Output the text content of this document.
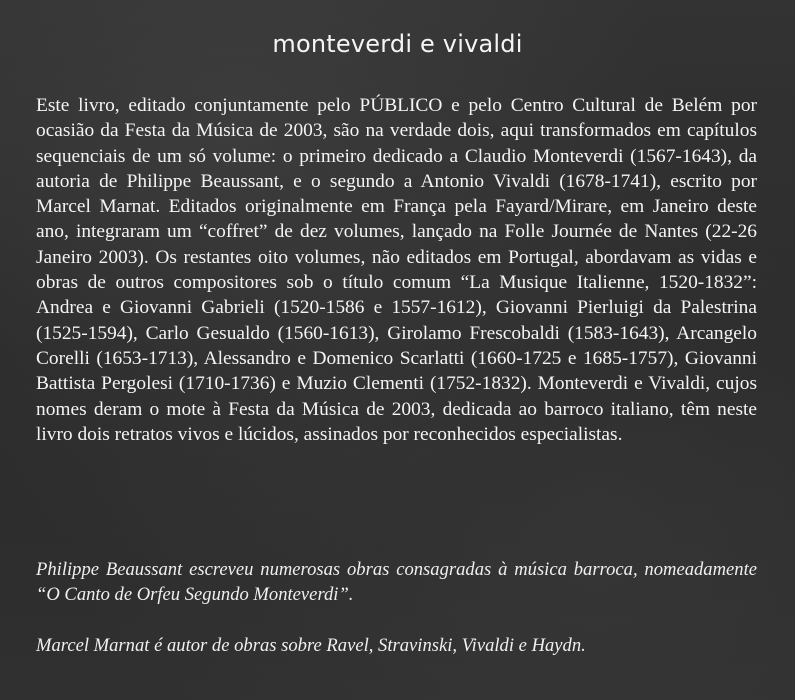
monteverdi e vivaldi

Este livro, editado conjuntamente pelo PÚBLICO e pelo Centro Cultural de Belém por ocasião da Festa da Música de 2003, são na verdade dois, aqui transformados em capítulos sequenciais de um só volume: o primeiro dedicado a Claudio Monteverdi (1567-1643), da autoria de Philippe Beaussant, e o segundo a Antonio Vivaldi (1678-1741), escrito por Marcel Marnat. Editados originalmente em França pela Fayard/Mirare, em Janeiro deste ano, integraram um “coffret” de dez volumes, lançado na Folle Journée de Nantes (22-26 Janeiro 2003). Os restantes oito volumes, não editados em Portugal, abordavam as vidas e obras de outros compositores sob o título comum “La Musique Italienne, 1520-1832”: Andrea e Giovanni Gabrieli (1520-1586 e 1557-1612), Giovanni Pierluigi da Palestrina (1525-1594), Carlo Gesualdo (1560-1613), Girolamo Frescobaldi (1583-1643), Arcangelo Corelli (1653-1713), Alessandro e Domenico Scarlatti (1660-1725 e 1685-1757), Giovanni Battista Pergolesi (1710-1736) e Muzio Clementi (1752-1832). Monteverdi e Vivaldi, cujos nomes deram o mote à Festa da Música de 2003, dedicada ao barroco italiano, têm neste livro dois retratos vivos e lúcidos, assinados por reconhecidos especialistas.

Philippe Beaussant escreveu numerosas obras consagradas à música barroca, nomeadamente “O Canto de Orfeu Segundo Monteverdi”.

Marcel Marnat é autor de obras sobre Ravel, Stravinski, Vivaldi e Haydn.
